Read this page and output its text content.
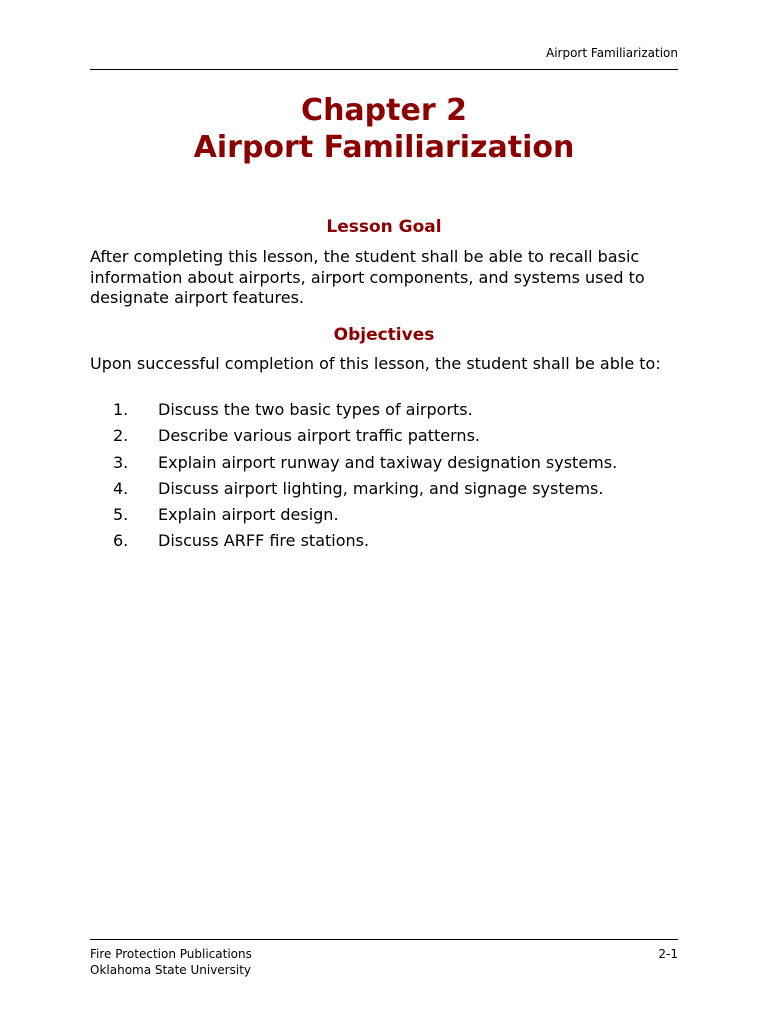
Airport Familiarization
Chapter 2
Airport Familiarization
Lesson Goal
After completing this lesson, the student shall be able to recall basic information about airports, airport components, and systems used to designate airport features.
Objectives
Upon successful completion of this lesson, the student shall be able to:
1. Discuss the two basic types of airports.
2. Describe various airport traffic patterns.
3. Explain airport runway and taxiway designation systems.
4. Discuss airport lighting, marking, and signage systems.
5. Explain airport design.
6. Discuss ARFF fire stations.
Fire Protection Publications
Oklahoma State University
2-1
